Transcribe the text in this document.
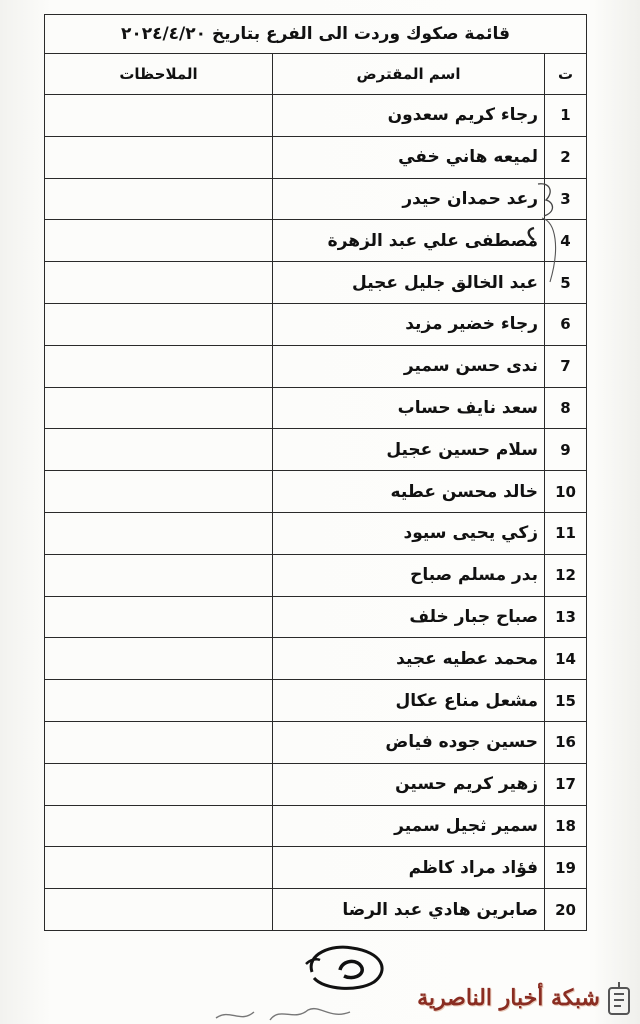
قائمة صكوك وردت الى الفرع بتاريخ ٢٠٢٤/٤/٢٠		
ت	اسم المقترض	الملاحظات
1	رجاء كريم سعدون	
2	لميعه هاني خفي	
3	رعد حمدان حيدر	
4	مصطفى علي عبد الزهرة	
5	عبد الخالق جليل عجيل	
6	رجاء خضير مزيد	
7	ندى حسن سمير	
8	سعد نايف حساب	
9	سلام حسين عجيل	
10	خالد محسن عطيه	
11	زكي يحيى سيود	
12	بدر مسلم صباح	
13	صباح جبار خلف	
14	محمد عطيه عجيد	
15	مشعل مناع عكال	
16	حسين جوده فياض	
17	زهير كريم حسين	
18	سمير ثجيل سمير	
19	فؤاد مراد كاظم	
20	صابرين هادي عبد الرضا	
شبكة أخبار الناصرية
